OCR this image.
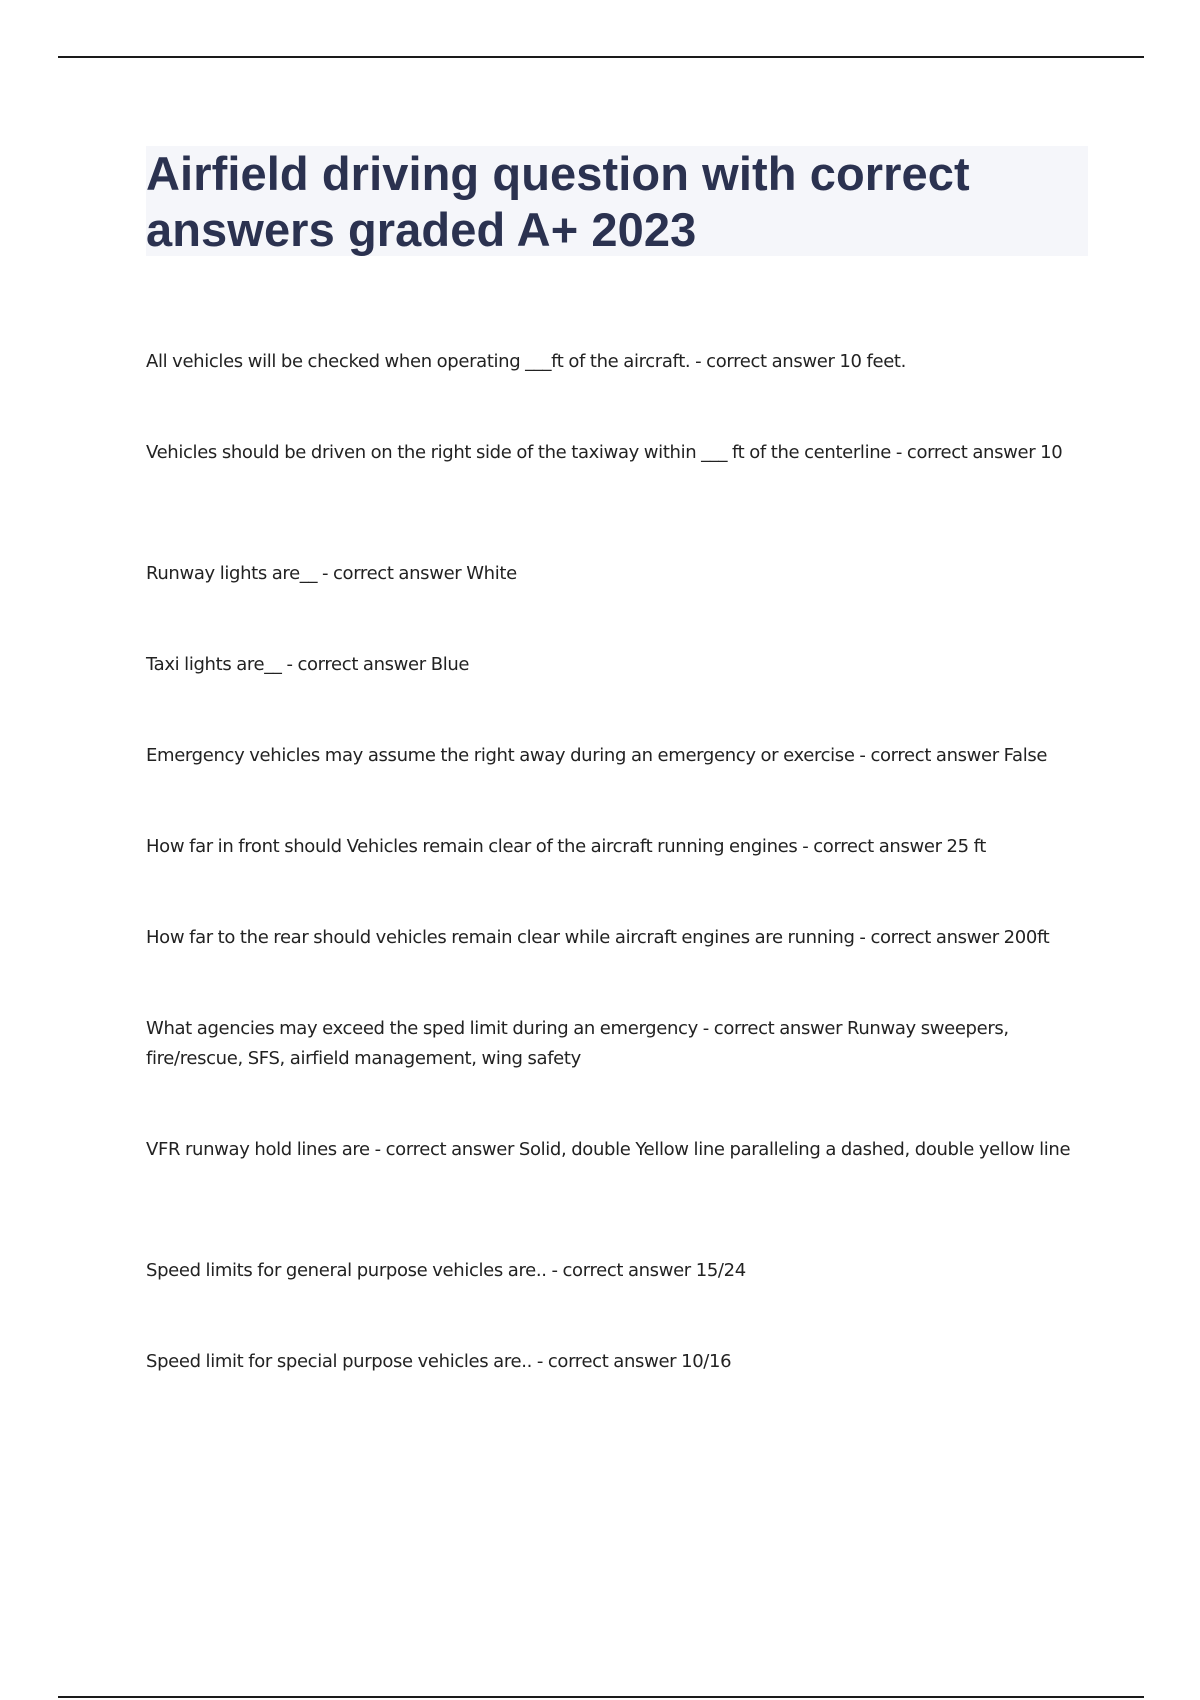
Airfield driving question with correct answers graded A+ 2023
All vehicles will be checked when operating ___ft of the aircraft. - correct answer 10 feet.
Vehicles should be driven on the right side of the taxiway within ___ ft of the centerline - correct answer 10
Runway lights are__ - correct answer White
Taxi lights are__ - correct answer Blue
Emergency vehicles may assume the right away during an emergency or exercise - correct answer False
How far in front should Vehicles remain clear of the aircraft running engines - correct answer 25 ft
How far to the rear should vehicles remain clear while aircraft engines are running - correct answer 200ft
What agencies may exceed the sped limit during an emergency - correct answer Runway sweepers, fire/rescue, SFS, airfield management, wing safety
VFR runway hold lines are - correct answer Solid, double Yellow line paralleling a dashed, double yellow line
Speed limits for general purpose vehicles are.. - correct answer 15/24
Speed limit for special purpose vehicles are.. - correct answer 10/16
